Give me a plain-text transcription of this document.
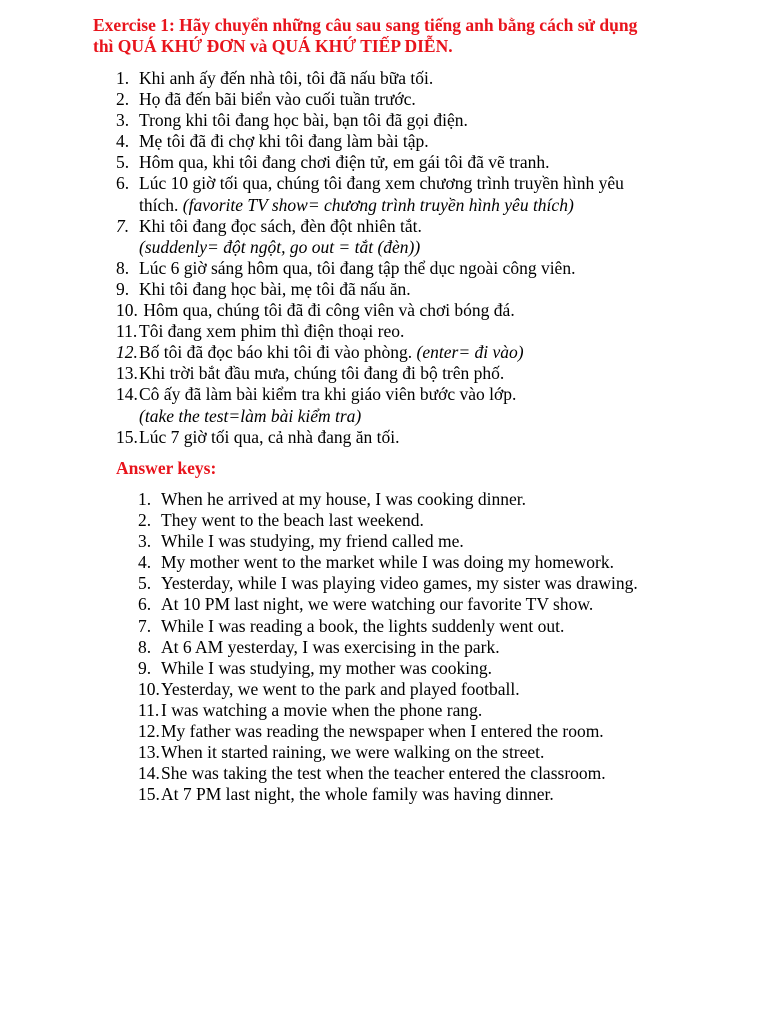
Exercise 1: Hãy chuyển những câu sau sang tiếng anh bằng cách sử dụng
thì QUÁ KHỨ ĐƠN và QUÁ KHỨ TIẾP DIỄN.
1. Khi anh ấy đến nhà tôi, tôi đã nấu bữa tối.
2. Họ đã đến bãi biển vào cuối tuần trước.
3. Trong khi tôi đang học bài, bạn tôi đã gọi điện.
4. Mẹ tôi đã đi chợ khi tôi đang làm bài tập.
5. Hôm qua, khi tôi đang chơi điện tử, em gái tôi đã vẽ tranh.
6. Lúc 10 giờ tối qua, chúng tôi đang xem chương trình truyền hình yêu
thích. (favorite TV show= chương trình truyền hình yêu thích)
7. Khi tôi đang đọc sách, đèn đột nhiên tắt.
(suddenly= đột ngột, go out = tắt (đèn))
8. Lúc 6 giờ sáng hôm qua, tôi đang tập thể dục ngoài công viên.
9. Khi tôi đang học bài, mẹ tôi đã nấu ăn.
10. Hôm qua, chúng tôi đã đi công viên và chơi bóng đá.
11. Tôi đang xem phim thì điện thoại reo.
12.Bố tôi đã đọc báo khi tôi đi vào phòng. (enter= đi vào)
13.Khi trời bắt đầu mưa, chúng tôi đang đi bộ trên phố.
14.Cô ấy đã làm bài kiểm tra khi giáo viên bước vào lớp.
(take the test=làm bài kiểm tra)
15.Lúc 7 giờ tối qua, cả nhà đang ăn tối.
Answer keys:
1. When he arrived at my house, I was cooking dinner.
2. They went to the beach last weekend.
3. While I was studying, my friend called me.
4. My mother went to the market while I was doing my homework.
5. Yesterday, while I was playing video games, my sister was drawing.
6. At 10 PM last night, we were watching our favorite TV show.
7. While I was reading a book, the lights suddenly went out.
8. At 6 AM yesterday, I was exercising in the park.
9. While I was studying, my mother was cooking.
10.Yesterday, we went to the park and played football.
11. I was watching a movie when the phone rang.
12.My father was reading the newspaper when I entered the room.
13.When it started raining, we were walking on the street.
14.She was taking the test when the teacher entered the classroom.
15.At 7 PM last night, the whole family was having dinner.
